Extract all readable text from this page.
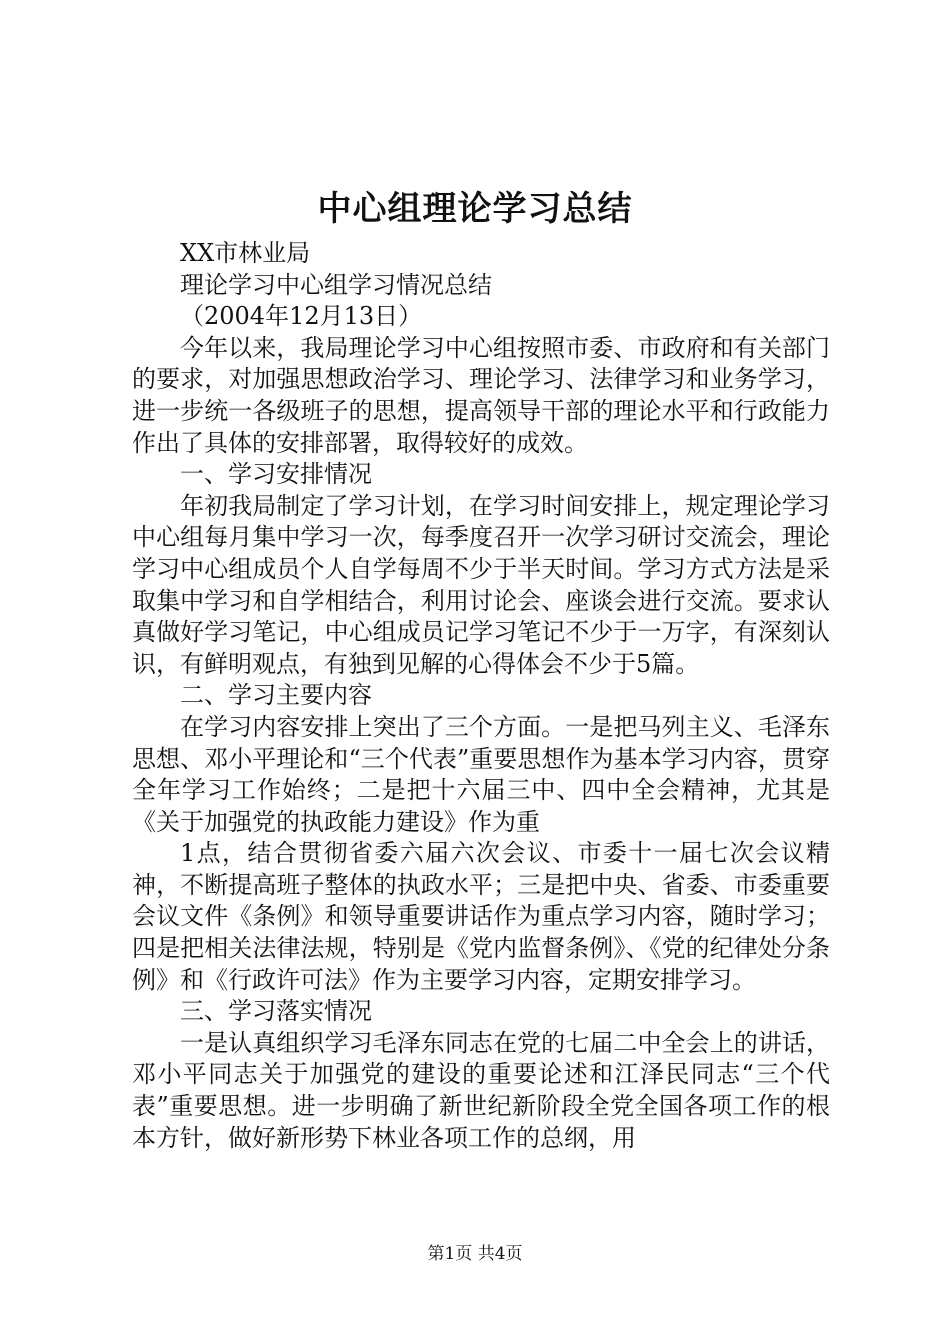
中心组理论学习总结

XX市林业局

理论学习中心组学习情况总结

（2004年12月13日）

今年以来，我局理论学习中心组按照市委、市政府和有关部门的要求，对加强思想政治学习、理论学习、法律学习和业务学习，进一步统一各级班子的思想，提高领导干部的理论水平和行政能力作出了具体的安排部署，取得较好的成效。

一、学习安排情况

年初我局制定了学习计划，在学习时间安排上，规定理论学习中心组每月集中学习一次，每季度召开一次学习研讨交流会，理论学习中心组成员个人自学每周不少于半天时间。学习方式方法是采取集中学习和自学相结合，利用讨论会、座谈会进行交流。要求认真做好学习笔记，中心组成员记学习笔记不少于一万字，有深刻认识，有鲜明观点，有独到见解的心得体会不少于5篇。

二、学习主要内容

在学习内容安排上突出了三个方面。一是把马列主义、毛泽东思想、邓小平理论和“三个代表”重要思想作为基本学习内容，贯穿全年学习工作始终；二是把十六届三中、四中全会精神，尤其是《关于加强党的执政能力建设》作为重

1点，结合贯彻省委六届六次会议、市委十一届七次会议精神，不断提高班子整体的执政水平；三是把中央、省委、市委重要会议文件《条例》和领导重要讲话作为重点学习内容，随时学习；四是把相关法律法规，特别是《党内监督条例》、《党的纪律处分条例》和《行政许可法》作为主要学习内容，定期安排学习。

三、学习落实情况

一是认真组织学习毛泽东同志在党的七届二中全会上的讲话，邓小平同志关于加强党的建设的重要论述和江泽民同志“三个代表”重要思想。进一步明确了新世纪新阶段全党全国各项工作的根本方针，做好新形势下林业各项工作的总纲，用

第1页 共4页
